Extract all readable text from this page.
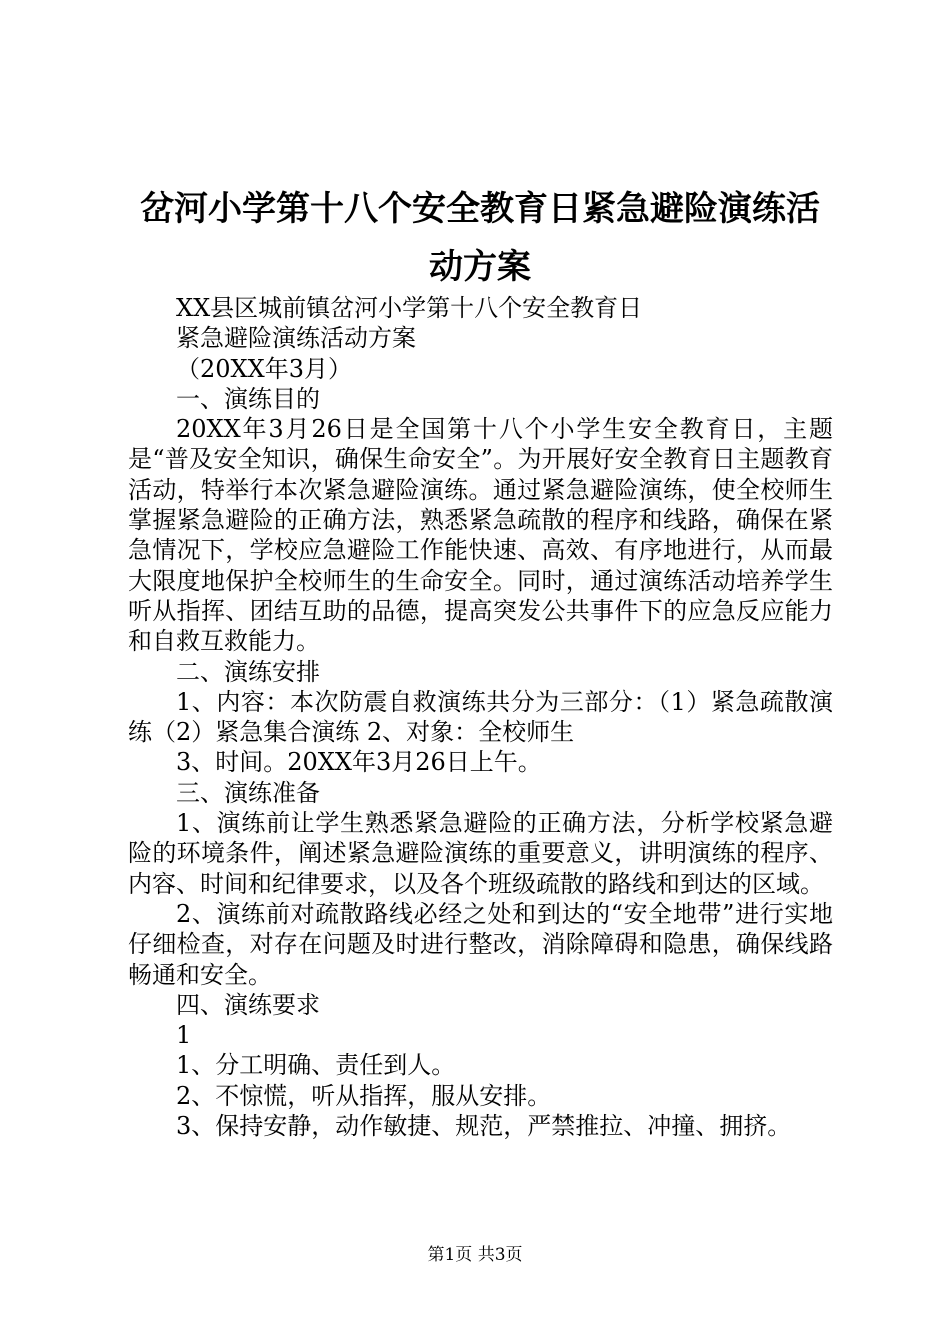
岔河小学第十八个安全教育日紧急避险演练活
动方案

XX县区城前镇岔河小学第十八个安全教育日

紧急避险演练活动方案

（20XX年3月）

一、演练目的

20XX年3月26日是全国第十八个小学生安全教育日，主题是“普及安全知识，确保生命安全”。为开展好安全教育日主题教育活动，特举行本次紧急避险演练。通过紧急避险演练，使全校师生掌握紧急避险的正确方法，熟悉紧急疏散的程序和线路，确保在紧急情况下，学校应急避险工作能快速、高效、有序地进行，从而最大限度地保护全校师生的生命安全。同时，通过演练活动培养学生听从指挥、团结互助的品德，提高突发公共事件下的应急反应能力和自救互救能力。

二、演练安排

1、内容：本次防震自救演练共分为三部分：（1）紧急疏散演练（2）紧急集合演练 2、对象：全校师生

3、时间。20XX年3月26日上午。

三、演练准备

1、演练前让学生熟悉紧急避险的正确方法，分析学校紧急避险的环境条件，阐述紧急避险演练的重要意义，讲明演练的程序、内容、时间和纪律要求，以及各个班级疏散的路线和到达的区域。

2、演练前对疏散路线必经之处和到达的“安全地带”进行实地仔细检查，对存在问题及时进行整改，消除障碍和隐患，确保线路畅通和安全。

四、演练要求

1

1、分工明确、责任到人。

2、不惊慌，听从指挥，服从安排。

3、保持安静，动作敏捷、规范，严禁推拉、冲撞、拥挤。

第1页 共3页
